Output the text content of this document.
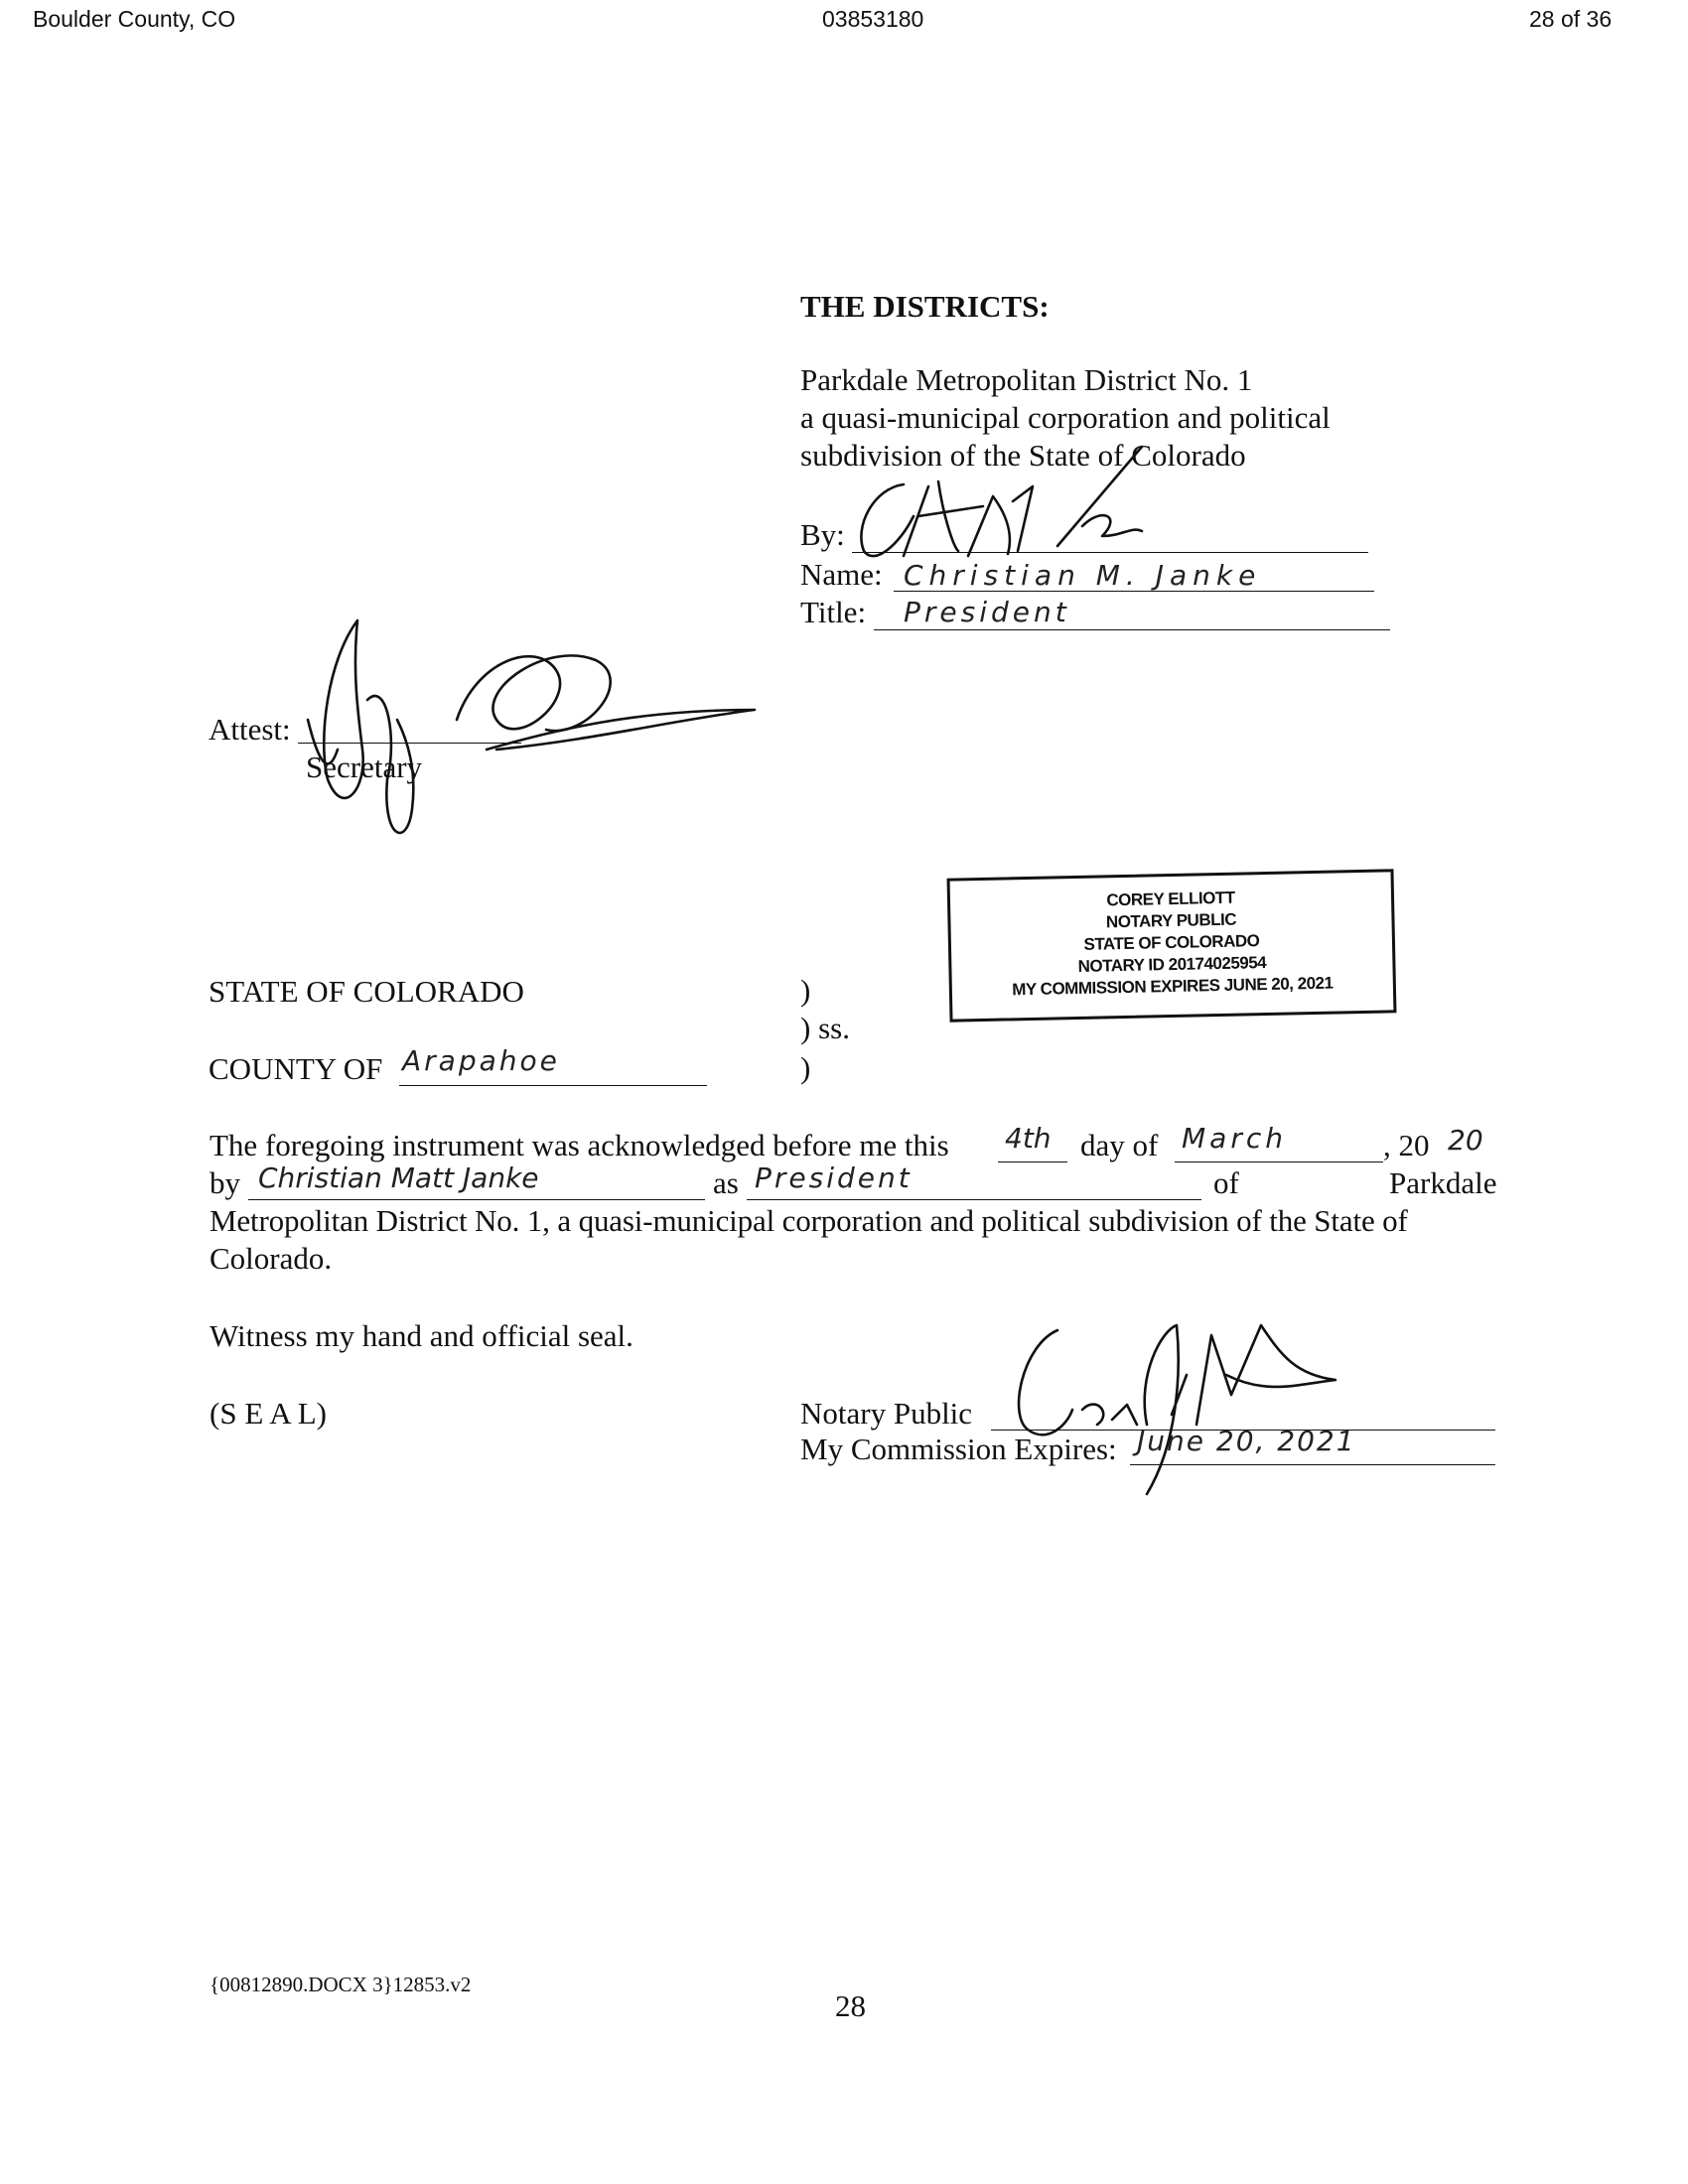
Boulder County, CO	03853180	28 of 36
THE DISTRICTS:
Parkdale Metropolitan District No. 1
a quasi-municipal corporation and political
subdivision of the State of Colorado
By:
Name: Christian M. Janke
Title: President
Attest:
Secretary
COREY ELLIOTT
NOTARY PUBLIC
STATE OF COLORADO
NOTARY ID 20174025954
MY COMMISSION EXPIRES JUNE 20, 2021
STATE OF COLORADO	)
) ss.
COUNTY OF Arapahoe	)
The foregoing instrument was acknowledged before me this 4th day of March	, 20 20
by Christian Matt Janke	as President	of	Parkdale
Metropolitan District No. 1, a quasi-municipal corporation and political subdivision of the State of
Colorado.
Witness my hand and official seal.
(S E A L)	Notary Public
My Commission Expires: June 20, 2021
{00812890.DOCX 3}12853.v2
28
